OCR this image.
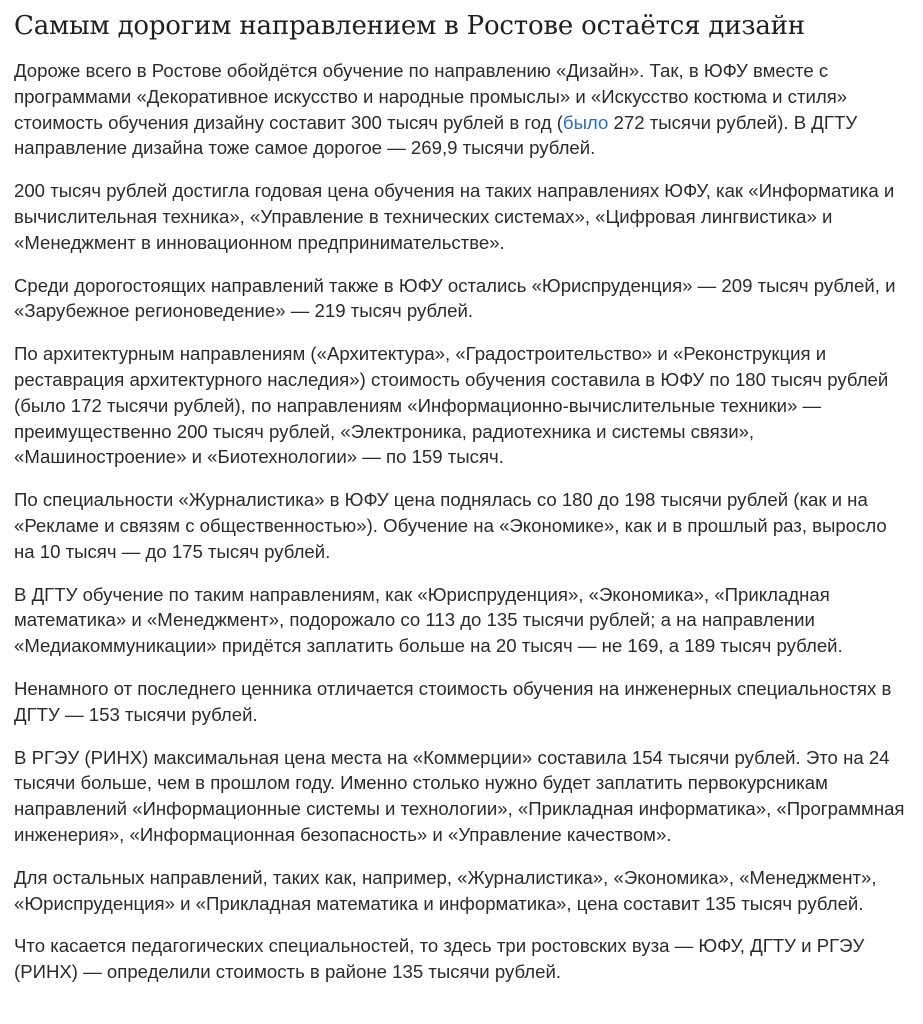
Самым дорогим направлением в Ростове остаётся дизайн

Дороже всего в Ростове обойдётся обучение по направлению «Дизайн». Так, в ЮФУ вместе с программами «Декоративное искусство и народные промыслы» и «Искусство костюма и стиля» стоимость обучения дизайну составит 300 тысяч рублей в год (было 272 тысячи рублей). В ДГТУ направление дизайна тоже самое дорогое — 269,9 тысячи рублей.

200 тысяч рублей достигла годовая цена обучения на таких направлениях ЮФУ, как «Информатика и вычислительная техника», «Управление в технических системах», «Цифровая лингвистика» и «Менеджмент в инновационном предпринимательстве».

Среди дорогостоящих направлений также в ЮФУ остались «Юриспруденция» — 209 тысяч рублей, и «Зарубежное регионоведение» — 219 тысяч рублей.

По архитектурным направлениям («Архитектура», «Градостроительство» и «Реконструкция и реставрация архитектурного наследия») стоимость обучения составила в ЮФУ по 180 тысяч рублей (было 172 тысячи рублей), по направлениям «Информационно-вычислительные техники» — преимущественно 200 тысяч рублей, «Электроника, радиотехника и системы связи», «Машиностроение» и «Биотехнологии» — по 159 тысяч.

По специальности «Журналистика» в ЮФУ цена поднялась со 180 до 198 тысячи рублей (как и на «Рекламе и связям с общественностью»). Обучение на «Экономике», как и в прошлый раз, выросло на 10 тысяч — до 175 тысяч рублей.

В ДГТУ обучение по таким направлениям, как «Юриспруденция», «Экономика», «Прикладная математика» и «Менеджмент», подорожало со 113 до 135 тысячи рублей; а на направлении «Медиакоммуникации» придётся заплатить больше на 20 тысяч — не 169, а 189 тысяч рублей.

Ненамного от последнего ценника отличается стоимость обучения на инженерных специальностях в ДГТУ — 153 тысячи рублей.

В РГЭУ (РИНХ) максимальная цена места на «Коммерции» составила 154 тысячи рублей. Это на 24 тысячи больше, чем в прошлом году. Именно столько нужно будет заплатить первокурсникам направлений «Информационные системы и технологии», «Прикладная информатика», «Программная инженерия», «Информационная безопасность» и «Управление качеством».

Для остальных направлений, таких как, например, «Журналистика», «Экономика», «Менеджмент», «Юриспруденция» и «Прикладная математика и информатика», цена составит 135 тысяч рублей.

Что касается педагогических специальностей, то здесь три ростовских вуза — ЮФУ, ДГТУ и РГЭУ (РИНХ) — определили стоимость в районе 135 тысячи рублей.
